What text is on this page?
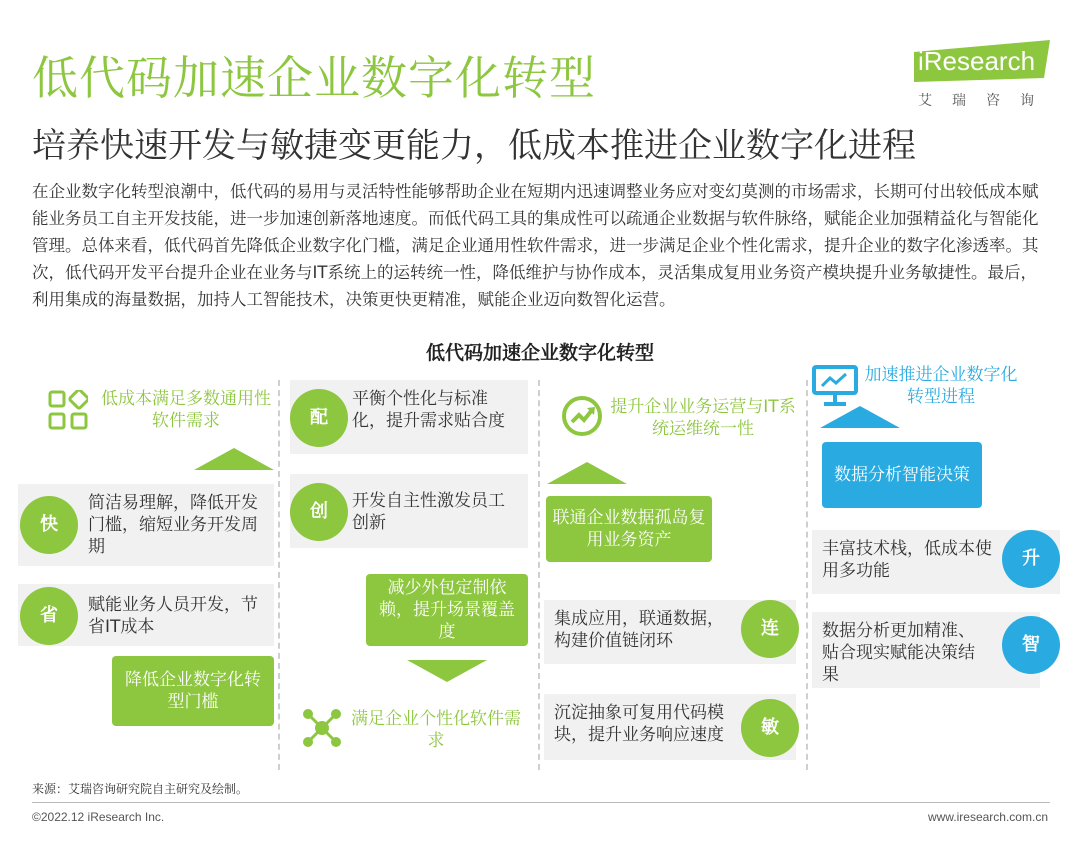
低代码加速企业数字化转型
培养快速开发与敏捷变更能力，低成本推进企业数字化进程
iResearch
艾瑞咨询
在企业数字化转型浪潮中，低代码的易用与灵活特性能够帮助企业在短期内迅速调整业务应对变幻莫测的市场需求，长期可付出较低成本赋能业务员工自主开发技能，进一步加速创新落地速度。而低代码工具的集成性可以疏通企业数据与软件脉络，赋能企业加强精益化与智能化管理。总体来看，低代码首先降低企业数字化门槛，满足企业通用性软件需求，进一步满足企业个性化需求，提升企业的数字化渗透率。其次，低代码开发平台提升企业在业务与IT系统上的运转统一性，降低维护与协作成本，灵活集成复用业务资产模块提升业务敏捷性。最后，利用集成的海量数据，加持人工智能技术，决策更快更精准，赋能企业迈向数智化运营。
低代码加速企业数字化转型
低成本满足多数通用性软件需求
简洁易理解，降低开发门槛，缩短业务开发周期
快
赋能业务人员开发，节省IT成本
省
降低企业数字化转型门槛
平衡个性化与标准化，提升需求贴合度
配
开发自主性激发员工创新
创
减少外包定制依赖，提升场景覆盖度
满足企业个性化软件需求
提升企业业务运营与IT系统运维统一性
联通企业数据孤岛复用业务资产
集成应用，联通数据，构建价值链闭环
连
沉淀抽象可复用代码模块，提升业务响应速度	敏
加速推进企业数字化转型进程
数据分析智能决策
丰富技术栈，低成本使用多功能
升
数据分析更加精准、贴合现实赋能决策结果
智
来源：艾瑞咨询研究院自主研究及绘制。
©2022.12 iResearch Inc.	www.iresearch.com.cn
